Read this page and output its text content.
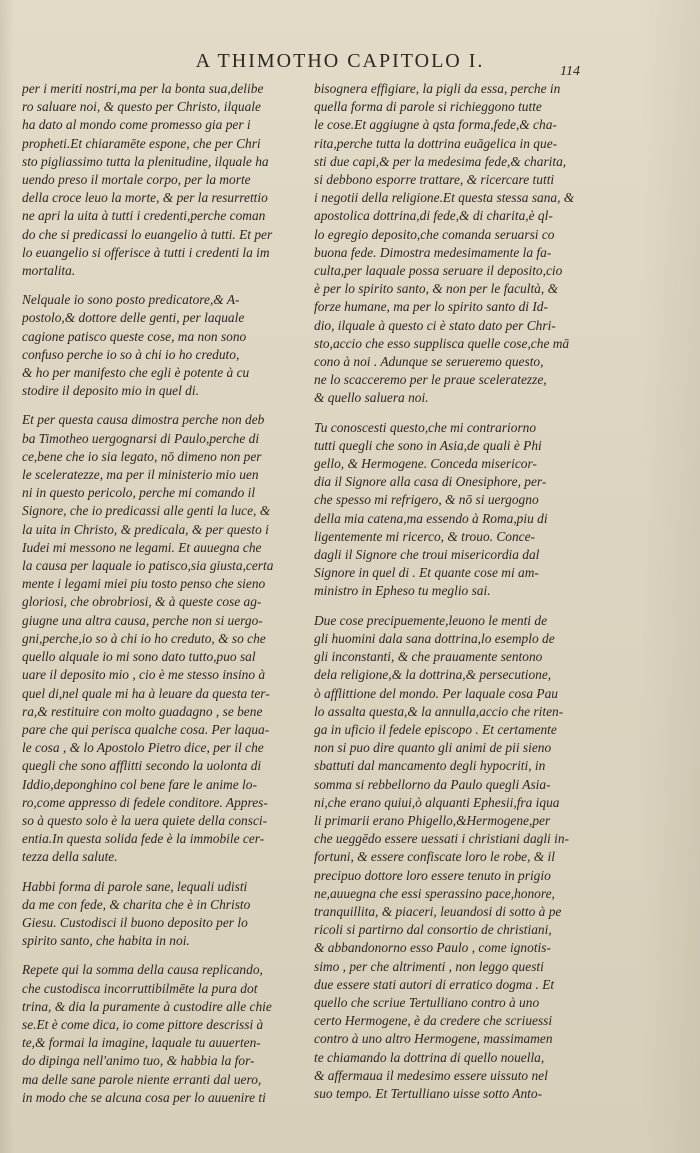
A THIMOTHO CAPITOLO I.	114
per i meriti nostri,ma per la bonta sua,delibe
ro saluare noi, & questo per Christo, ilquale
ha dato al mondo come promesso gia per i
propheti.Et chiaramēte espone, che per Chri
sto pigliassimo tutta la plenitudine, ilquale ha
uendo preso il mortale corpo, per la morte
della croce leuo la morte, & per la resurrettio
ne apri la uita à tutti i credenti,perche coman
do che si predicassi lo euangelio à tutti. Et per
lo euangelio si offerisce à tutti i credenti la im
mortalita.
Nelquale io sono posto predicatore,& A-
postolo,& dottore delle genti, per laquale
cagione patisco queste cose, ma non sono
confuso perche io so à chi io ho creduto,
& ho per manifesto che egli è potente à cu
stodire il deposito mio in quel di.
Et per questa causa dimostra perche non deb
ba Timotheo uergognarsi di Paulo,perche di
ce,bene che io sia legato, nō dimeno non per
le sceleratezze, ma per il ministerio mio uen
ni in questo pericolo, perche mi comando il
Signore, che io predicassi alle genti la luce, &
la uita in Christo, & predicala, & per questo i
Iudei mi messono ne legami. Et auuegna che
la causa per laquale io patisco,sia giusta,certa
mente i legami miei piu tosto penso che sieno
gloriosi, che obrobriosi, & à queste cose ag-
giugne una altra causa, perche non si uergo-
gni,perche,io so à chi io ho creduto, & so che
quello alquale io mi sono dato tutto,puo sal
uare il deposito mio , cio è me stesso insino à
quel di,nel quale mi ha à leuare da questa ter-
ra,& restituire con molto guadagno , se bene
pare che qui perisca qualche cosa. Per laqua-
le cosa , & lo Apostolo Pietro dice, per il che
quegli che sono afflitti secondo la uolonta di
Iddio,deponghino col bene fare le anime lo-
ro,come appresso di fedele conditore. Appres-
so à questo solo è la uera quiete della consci-
entia.In questa solida fede è la immobile cer-
tezza della salute.
Habbi forma di parole sane, lequali udisti
da me con fede, & charita che è in Christo
Giesu. Custodisci il buono deposito per lo
spirito santo, che habita in noi.
Repete qui la somma della causa replicando,
che custodisca incorruttibilmēte la pura dot
trina, & dia la puramente à custodire alle chie
se.Et è come dica, io come pittore descrissi à
te,& formai la imagine, laquale tu auuerten-
do dipinga nell'animo tuo, & habbia la for-
ma delle sane parole niente erranti dal uero,
in modo che se alcuna cosa per lo auuenire ti
bisognera effigiare, la pigli da essa, perche in
quella forma di parole si richieggono tutte
le cose.Et aggiugne à qsta forma,fede,& cha-
rita,perche tutta la dottrina euāgelica in que-
sti due capi,& per la medesima fede,& charita,
si debbono esporre trattare, & ricercare tutti
i negotii della religione.Et questa stessa sana, &
apostolica dottrina,di fede,& di charita,è ql-
lo egregio deposito,che comanda seruarsi co
buona fede. Dimostra medesimamente la fa-
culta,per laquale possa seruare il deposito,cio
è per lo spirito santo, & non per le facultà, &
forze humane, ma per lo spirito santo di Id-
dio, ilquale à questo ci è stato dato per Chri-
sto,accio che esso supplisca quelle cose,che mā
cono à noi . Adunque se serueremo questo,
ne lo scacceremo per le praue sceleratezze,
& quello saluera noi.
Tu conoscesti questo,che mi contrariorno
tutti quegli che sono in Asia,de quali è Phi
gello, & Hermogene. Conceda misericor-
dia il Signore alla casa di Onesiphore, per-
che spesso mi refrigero, & nō si uergogno
della mia catena,ma essendo à Roma,piu di
ligentemente mi ricerco, & trouo. Conce-
dagli il Signore che troui misericordia dal
Signore in quel di . Et quante cose mi am-
ministro in Epheso tu meglio sai.
Due cose precipuemente,leuono le menti de
gli huomini dala sana dottrina,lo esemplo de
gli inconstanti, & che prauamente sentono
dela religione,& la dottrina,& persecutione,
ò afflittione del mondo. Per laquale cosa Pau
lo assalta questa,& la annulla,accio che riten-
ga in uficio il fedele episcopo . Et certamente
non si puo dire quanto gli animi de pii sieno
sbattuti dal mancamento degli hypocriti, in
somma si rebbellorno da Paulo quegli Asia-
ni,che erano quiui,ò alquanti Ephesii,fra iqua
li primarii erano Phigello,&Hermogene,per
che ueggēdo essere uessati i christiani dagli in-
fortuni, & essere confiscate loro le robe, & il
precipuo dottore loro essere tenuto in prigio
ne,auuegna che essi sperassino pace,honore,
tranquillita, & piaceri, leuandosi di sotto à pe
ricoli si partirno dal consortio de christiani,
& abbandonorno esso Paulo , come ignotis-
simo , per che altrimenti , non leggo questi
due essere stati autori di erratico dogma . Et
quello che scriue Tertulliano contro à uno
certo Hermogene, è da credere che scriuessi
contro à uno altro Hermogene, massimamen
te chiamando la dottrina di quello nouella,
& affermaua il medesimo essere uissuto nel
suo tempo. Et Tertulliano uisse sotto Anto-
